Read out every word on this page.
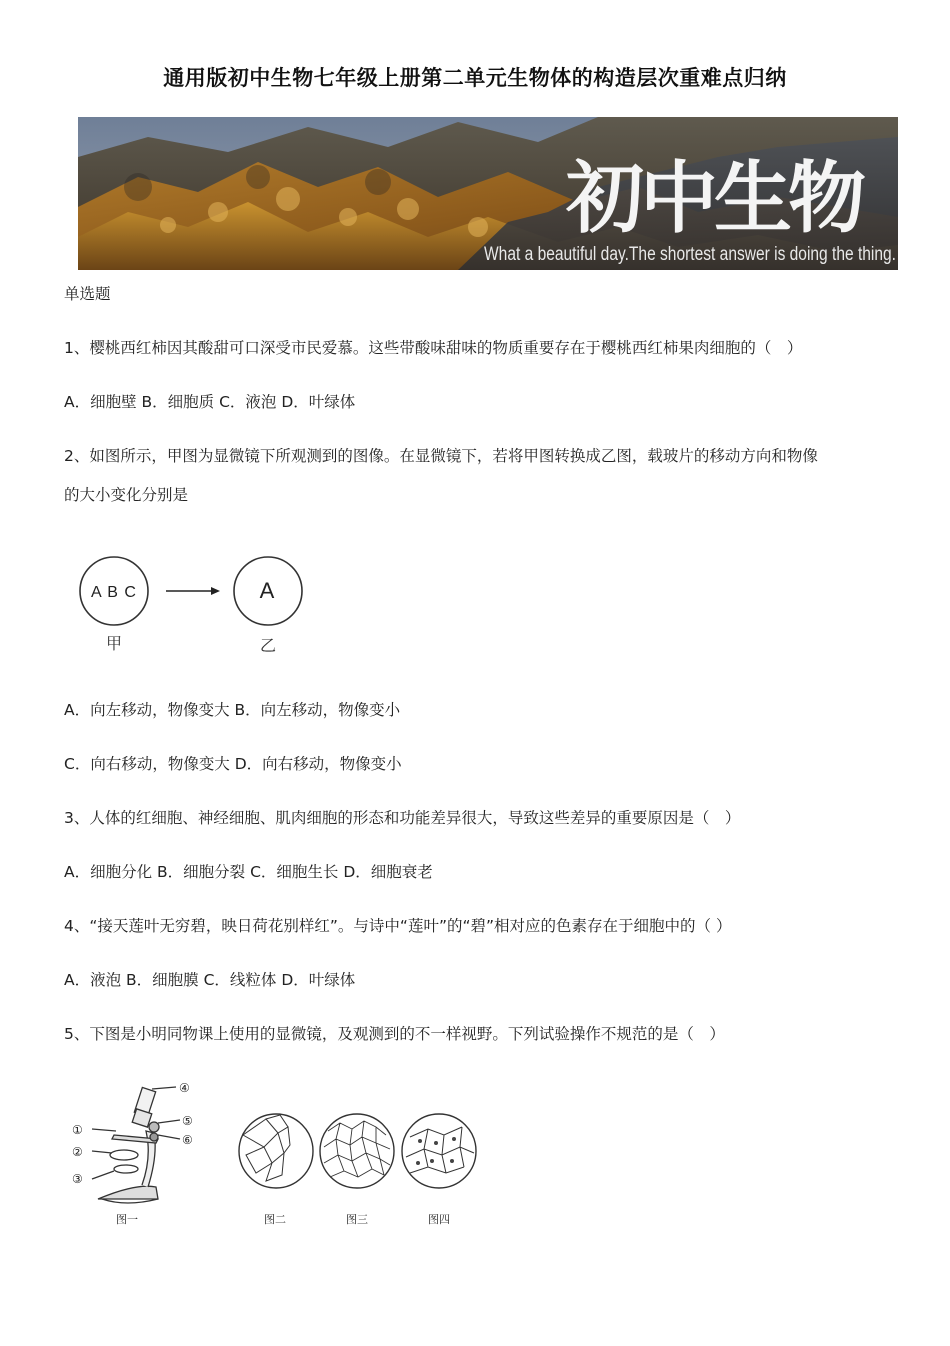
通用版初中生物七年级上册第二单元生物体的构造层次重难点归纳
初中生物
What a beautiful day.The shortest answer is doing the thing.
单选题
1、樱桃西红柿因其酸甜可口深受市民爱慕。这些带酸味甜味的物质重要存在于樱桃西红柿果肉细胞的（　）
A．细胞壁 B．细胞质 C．液泡 D．叶绿体
2、如图所示，甲图为显微镜下所观测到的图像。在显微镜下，若将甲图转换成乙图，载玻片的移动方向和物像
的大小变化分别是
A B C	A
甲	乙
A．向左移动，物像变大 B．向左移动，物像变小
C．向右移动，物像变大 D．向右移动，物像变小
3、人体的红细胞、神经细胞、肌肉细胞的形态和功能差异很大，导致这些差异的重要原因是（　）
A．细胞分化 B．细胞分裂 C．细胞生长 D．细胞衰老
4、“接天莲叶无穷碧，映日荷花别样红”。与诗中“莲叶”的“碧”相对应的色素存在于细胞中的（ ）
A．液泡 B．细胞膜 C．线粒体 D．叶绿体
5、下图是小明同物课上使用的显微镜，及观测到的不一样视野。下列试验操作不规范的是（　）
④
⑤
⑥
①
②
③
图一	图二	图三	图四
